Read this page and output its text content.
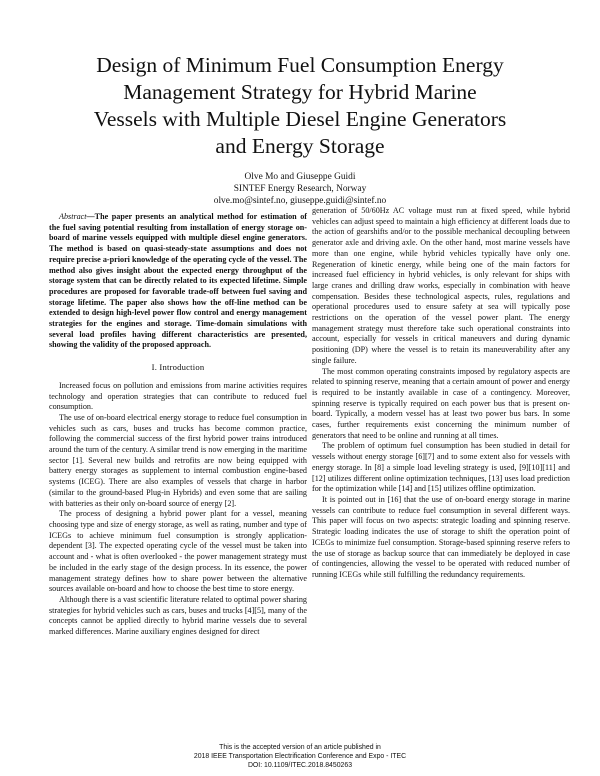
Design of Minimum Fuel Consumption Energy
Management Strategy for Hybrid Marine
Vessels with Multiple Diesel Engine Generators
and Energy Storage
Olve Mo and Giuseppe Guidi
SINTEF Energy Research, Norway
olve.mo@sintef.no, giuseppe.guidi@sintef.no

Abstract—The paper presents an analytical method for estimation of the fuel saving potential resulting from installation of energy storage on-board of marine vessels equipped with multiple diesel engine generators. The method is based on quasi-steady-state assumptions and does not require precise a-priori knowledge of the operating cycle of the vessel. The method also gives insight about the expected energy throughput of the storage system that can be directly related to its expected lifetime. Simple procedures are proposed for favorable trade-off between fuel saving and storage lifetime. The paper also shows how the off-line method can be extended to design high-level power flow control and energy management strategies for the engines and storage. Time-domain simulations with several load profiles having different characteristics are presented, showing the validity of the proposed approach.

I. Introduction

Increased focus on pollution and emissions from marine activities requires technology and operation strategies that can contribute to reduced fuel consumption.

The use of on-board electrical energy storage to reduce fuel consumption in vehicles such as cars, buses and trucks has become common practice, following the commercial success of the first hybrid power trains introduced around the turn of the century. A similar trend is now emerging in the maritime sector [1]. Several new builds and retrofits are now being equipped with battery energy storages as supplement to internal combustion engine-based systems (ICEG). There are also examples of vessels that charge in harbor (similar to the ground-based Plug-in Hybrids) and even some that are sailing with batteries as their only on-board source of energy [2].

The process of designing a hybrid power plant for a vessel, meaning choosing type and size of energy storage, as well as rating, number and type of ICEGs to achieve minimum fuel consumption is strongly application-dependent [3]. The expected operating cycle of the vessel must be taken into account and - what is often overlooked - the power management strategy must be included in the early stage of the design process. In its essence, the power management strategy defines how to share power between the alternative sources available on-board and how to choose the best time to store energy.

Although there is a vast scientific literature related to optimal power sharing strategies for hybrid vehicles such as cars, buses and trucks [4][5], many of the concepts cannot be applied directly to hybrid marine vessels due to several marked differences. Marine auxiliary engines designed for direct

generation of 50/60Hz AC voltage must run at fixed speed, while hybrid vehicles can adjust speed to maintain a high efficiency at different loads due to the action of gearshifts and/or to the possible mechanical decoupling between generator axle and driving axle. On the other hand, most marine vessels have more than one engine, while hybrid vehicles typically have only one. Regeneration of kinetic energy, while being one of the main factors for increased fuel efficiency in hybrid vehicles, is only relevant for ships with large cranes and drilling draw works, especially in combination with heave compensation. Besides these technological aspects, rules, regulations and operational procedures used to ensure safety at sea will typically pose restrictions on the operation of the vessel power plant. The energy management strategy must therefore take such operational constraints into account, especially for vessels in critical maneuvers and during dynamic positioning (DP) where the vessel is to retain its maneuverability after any single failure.

The most common operating constraints imposed by regulatory aspects are related to spinning reserve, meaning that a certain amount of power and energy is required to be instantly available in case of a contingency. Moreover, spinning reserve is typically required on each power bus that is present on-board. Typically, a modern vessel has at least two power bus bars. In some cases, further requirements exist concerning the minimum number of generators that need to be online and running at all times.

The problem of optimum fuel consumption has been studied in detail for vessels without energy storage [6][7] and to some extent also for vessels with energy storage. In [8] a simple load leveling strategy is used, [9][10][11] and [12] utilizes different online optimization techniques, [13] uses load prediction for the optimization while [14] and [15] utilizes offline optimization.

It is pointed out in [16] that the use of on-board energy storage in marine vessels can contribute to reduce fuel consumption in several different ways. This paper will focus on two aspects: strategic loading and spinning reserve. Strategic loading indicates the use of storage to shift the operation point of ICEGs to minimize fuel consumption. Storage-based spinning reserve refers to the use of storage as backup source that can immediately be deployed in case of contingencies, allowing the vessel to be operated with reduced number of running ICEGs while still fulfilling the redundancy requirements.

This is the accepted version of an article published in
2018 IEEE Transportation Electrification Conference and Expo - ITEC
DOI: 10.1109/ITEC.2018.8450263
